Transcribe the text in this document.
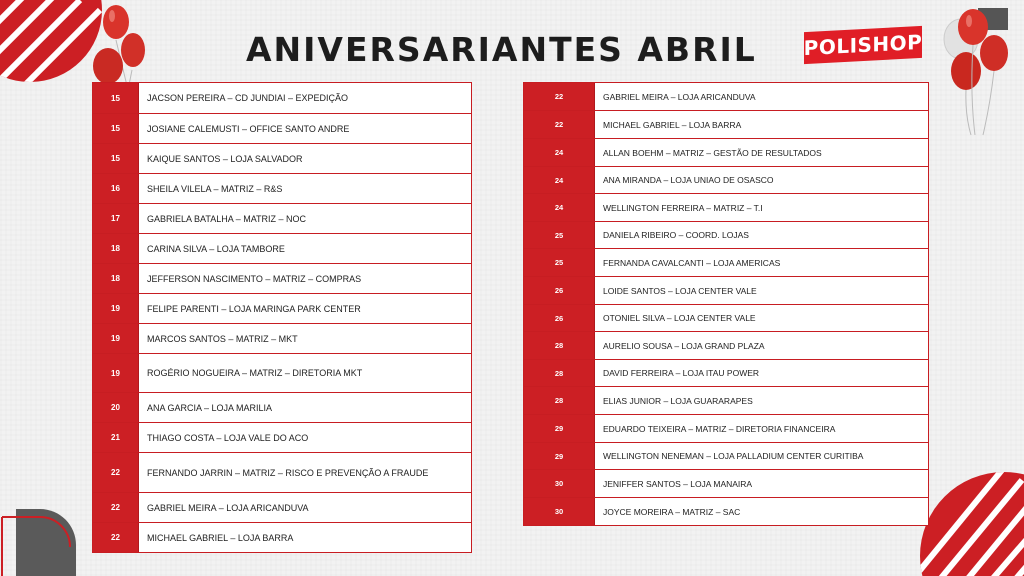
ANIVERSARIANTES ABRIL	POLISHOP
15	JACSON PEREIRA – CD JUNDIAI – EXPEDIÇÃO
15	JOSIANE CALEMUSTI – OFFICE SANTO ANDRE
15	KAIQUE SANTOS – LOJA SALVADOR
16	SHEILA VILELA – MATRIZ – R&S
17	GABRIELA BATALHA – MATRIZ – NOC
18	CARINA SILVA – LOJA TAMBORE
18	JEFFERSON NASCIMENTO – MATRIZ – COMPRAS
19	FELIPE PARENTI – LOJA MARINGA PARK CENTER
19	MARCOS SANTOS – MATRIZ – MKT
19	ROGÉRIO NOGUEIRA – MATRIZ – DIRETORIA MKT
20	ANA GARCIA – LOJA MARILIA
21	THIAGO COSTA – LOJA VALE DO ACO
22	FERNANDO JARRIN – MATRIZ – RISCO E PREVENÇÃO A FRAUDE
22	GABRIEL MEIRA – LOJA ARICANDUVA
22	MICHAEL GABRIEL – LOJA BARRA
22	GABRIEL MEIRA – LOJA ARICANDUVA
22	MICHAEL GABRIEL – LOJA BARRA
24	ALLAN BOEHM – MATRIZ – GESTÃO DE RESULTADOS
24	ANA MIRANDA – LOJA UNIAO DE OSASCO
24	WELLINGTON FERREIRA – MATRIZ – T.I
25	DANIELA RIBEIRO – COORD. LOJAS
25	FERNANDA CAVALCANTI – LOJA AMERICAS
26	LOIDE SANTOS – LOJA CENTER VALE
26	OTONIEL SILVA – LOJA CENTER VALE
28	AURELIO SOUSA – LOJA GRAND PLAZA
28	DAVID FERREIRA – LOJA ITAU POWER
28	ELIAS JUNIOR – LOJA GUARARAPES
29	EDUARDO TEIXEIRA – MATRIZ – DIRETORIA FINANCEIRA
29	WELLINGTON NENEMAN – LOJA PALLADIUM CENTER CURITIBA
30	JENIFFER SANTOS – LOJA MANAIRA
30	JOYCE MOREIRA – MATRIZ – SAC
